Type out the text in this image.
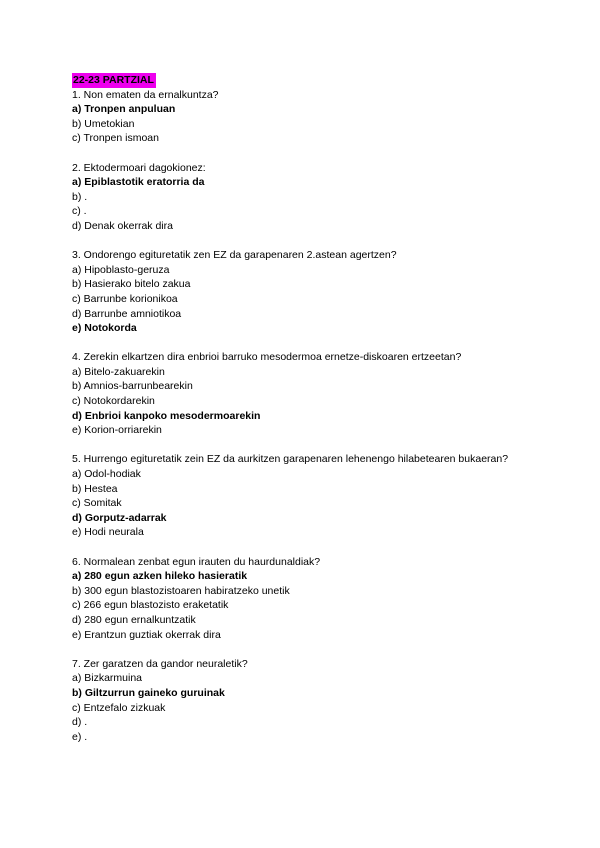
22-23 PARTZIAL
1. Non ematen da ernalkuntza?
a) Tronpen anpuluan
b) Umetokian
c) Tronpen ismoan
2. Ektodermoari dagokionez:
a) Epiblastotik eratorria da
b) .
c) .
d) Denak okerrak dira
3. Ondorengo egituretatik zen EZ da garapenaren 2.astean agertzen?
a) Hipoblasto-geruza
b) Hasierako bitelo zakua
c) Barrunbe korionikoa
d) Barrunbe amniotikoa
e) Notokorda
4. Zerekin elkartzen dira enbrioi barruko mesodermoa ernetze-diskoaren ertzeetan?
a) Bitelo-zakuarekin
b) Amnios-barrunbearekin
c) Notokordarekin
d) Enbrioi kanpoko mesodermoarekin
e) Korion-orriarekin
5. Hurrengo egituretatik zein EZ da aurkitzen garapenaren lehenengo hilabetearen bukaeran?
a) Odol-hodiak
b) Hestea
c) Somitak
d) Gorputz-adarrak
e) Hodi neurala
6. Normalean zenbat egun irauten du haurdunaldiak?
a) 280 egun azken hileko hasieratik
b) 300 egun blastozistoaren habiratzeko unetik
c) 266 egun blastozisto eraketatik
d) 280 egun ernalkuntzatik
e) Erantzun guztiak okerrak dira
7. Zer garatzen da gandor neuraletik?
a) Bizkarmuina
b) Giltzurrun gaineko guruinak
c) Entzefalo zizkuak
d) .
e) .
